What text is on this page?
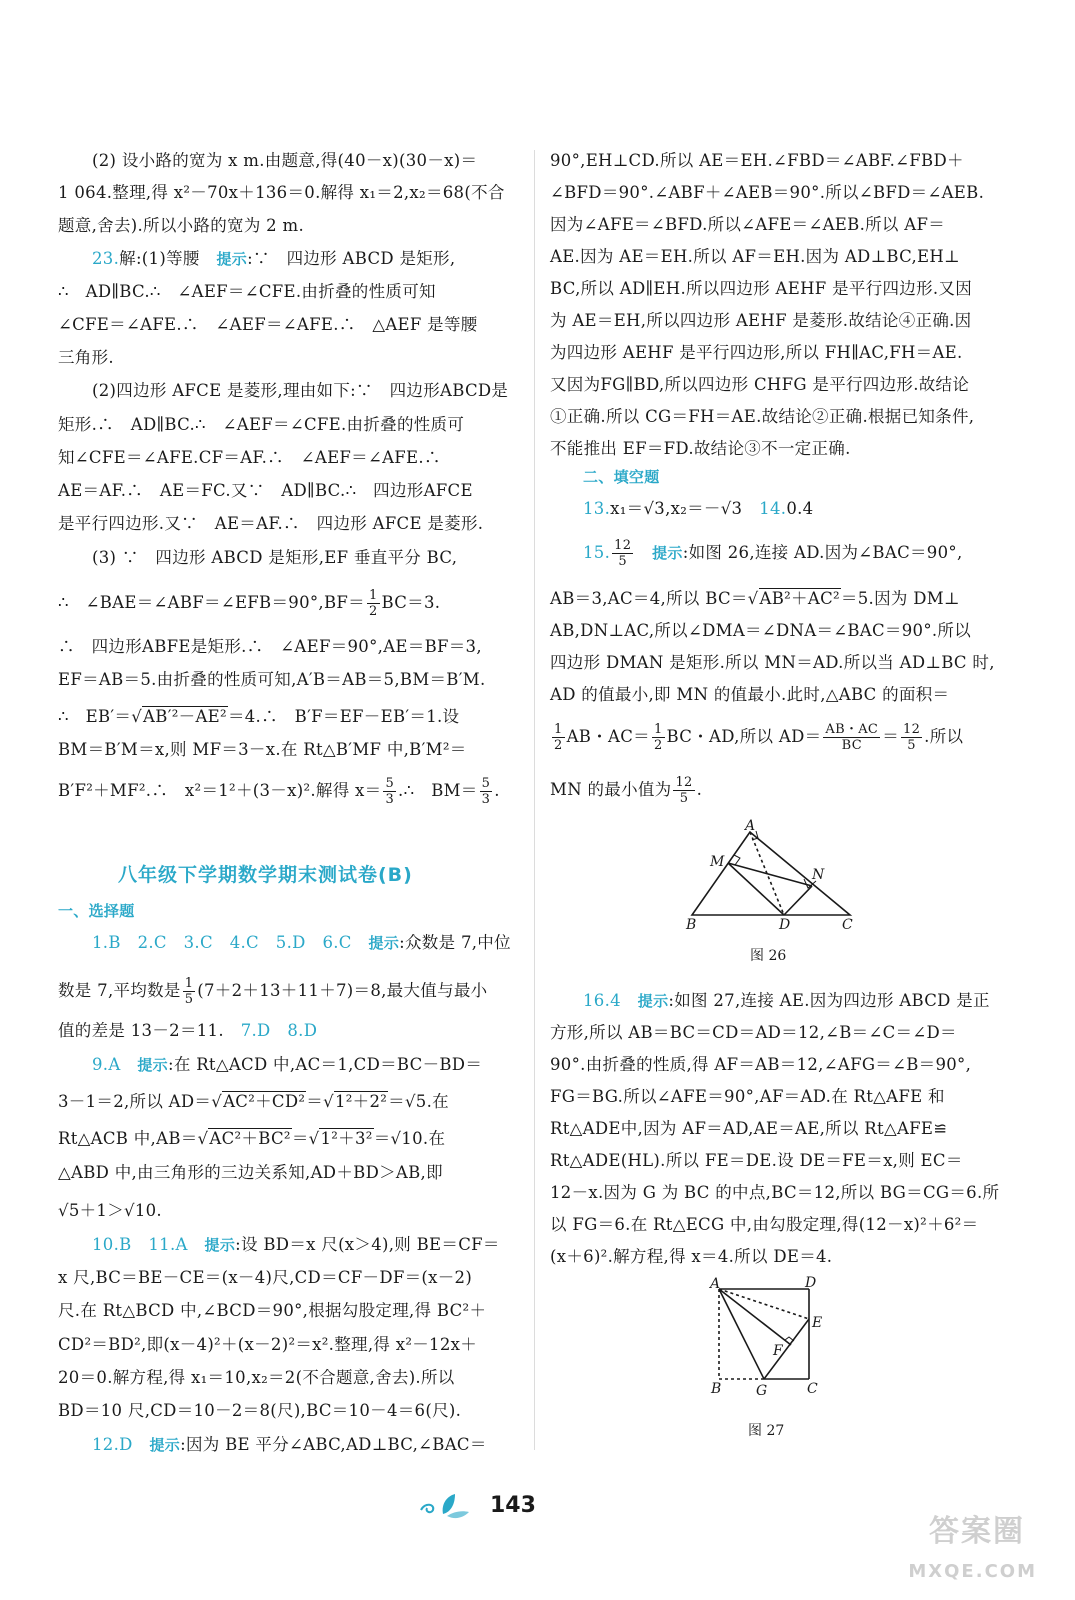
(2) 设小路的宽为 x m.由题意,得(40－x)(30－x)＝
1 064.整理,得 x²－70x＋136＝0.解得 x₁＝2,x₂＝68(不合
题意,舍去).所以小路的宽为 2 m.
23.解:(1)等腰　 提示:∵　四边形 ABCD 是矩形,
∴　AD∥BC.∴　∠AEF＝∠CFE.由折叠的性质可知
∠CFE＝∠AFE.∴　∠AEF＝∠AFE.∴　△AEF 是等腰
三角形.
(2)四边形 AFCE 是菱形,理由如下:∵　四边形ABCD是
矩形.∴　AD∥BC.∴　∠AEF＝∠CFE.由折叠的性质可
知∠CFE＝∠AFE.CF＝AF.∴　∠AEF＝∠AFE.∴
AE＝AF.∴　AE＝FC.又∵　AD∥BC.∴　四边形AFCE
是平行四边形.又∵　AE＝AF.∴　四边形 AFCE 是菱形.
(3) ∵　四边形 ABCD 是矩形,EF 垂直平分 BC,
∴　∠BAE＝∠ABF＝∠EFB＝90°,BF＝ $\frac{1}{2} BC=3$.
∴　四边形ABFE是矩形.∴　∠AEF＝90°,AE＝BF＝3,
EF＝AB＝5.由折叠的性质可知,A′B＝AB＝5,BM＝B′M.
∴　EB′＝√AB′²－AE²＝4.∴　B′F＝EF－EB′＝1.设
BM＝B′M＝x,则 MF＝3－x.在 Rt△B′MF 中,B′M²＝
B′F²＋MF².∴　x²＝1²＋(3－x)².解得 $x= \frac{5}{3}$ .∴　$BM= \frac{5}{3}$ .
八年级下学期数学期末测试卷(B)
一、选择题
1.B　2.C　3.C　4.C　5.D　6.C　 提示:众数是 7,中位
数是 7,平均数是 $\frac{1}{5} (7+2+13+11+7)=8$,最大值与最小
值的差是 13－2＝11.　 7.D　8.D
9.A　 提示:在 Rt△ACD 中,AC＝1,CD＝BC－BD＝
3－1＝2,所以 AD＝√AC²＋CD²＝√1²＋2²＝√5.在
Rt△ACB 中,AB＝√AC²＋BC²＝√1²＋3²＝√10.在
△ABD 中,由三角形的三边关系知,AD＋BD＞AB,即
√5＋1＞√10.
10.B　11.A　 提示:设 BD＝x 尺(x＞4),则 BE＝CF＝
x 尺,BC＝BE－CE＝(x－4)尺,CD＝CF－DF＝(x－2)
尺.在 Rt△BCD 中,∠BCD＝90°,根据勾股定理,得 BC²＋
CD²＝BD²,即(x－4)²＋(x－2)²＝x².整理,得 x²－12x＋
20＝0.解方程,得 x₁＝10,x₂＝2(不合题意,舍去).所以
BD＝10 尺,CD＝10－2＝8(尺),BC＝10－4＝6(尺).
12.D　 提示:因为 BE 平分∠ABC,AD⊥BC,∠BAC＝
90°,EH⊥CD.所以 AE＝EH.∠FBD＝∠ABF.∠FBD＋
∠BFD＝90°.∠ABF＋∠AEB＝90°.所以∠BFD＝∠AEB.
因为∠AFE＝∠BFD.所以∠AFE＝∠AEB.所以 AF＝
AE.因为 AE＝EH.所以 AF＝EH.因为 AD⊥BC,EH⊥
BC,所以 AD∥EH.所以四边形 AEHF 是平行四边形.又因
为 AE＝EH,所以四边形 AEHF 是菱形.故结论④正确.因
为四边形 AEHF 是平行四边形,所以 FH∥AC,FH＝AE.
又因为FG∥BD,所以四边形 CHFG 是平行四边形.故结论
①正确.所以 CG＝FH＝AE.故结论②正确.根据已知条件,
不能推出 EF＝FD.故结论③不一定正确.
二、填空题
13.x₁＝√3,x₂＝－√3　 14.0.4
15. $\frac{12}{5}$
　 提示:如图 26,连接 AD.因为∠BAC＝90°,
AB＝3,AC＝4,所以 BC＝√AB²＋AC²＝5.因为 DM⊥
AB,DN⊥AC,所以∠DMA＝∠DNA＝∠BAC＝90°.所以
四边形 DMAN 是矩形.所以 MN＝AD.所以当 AD⊥BC 时,
AD 的值最小,即 MN 的值最小.此时,△ABC 的面积＝
$\frac{1}{2}$ AB・$AC= \frac{1}{2}$ BC・AD,所以 $AD= \frac{AB・AC}{BC} = \frac{12}{5}$ .所以
MN 的最小值为 $\frac{12}{5}$ .
A
M
N
B	D	C
图 26
16.4　 提示:如图 27,连接 AE.因为四边形 ABCD 是正
方形,所以 AB＝BC＝CD＝AD＝12,∠B＝∠C＝∠D＝
90°.由折叠的性质,得 AF＝AB＝12,∠AFG＝∠B＝90°,
FG＝BG.所以∠AFE＝90°,AF＝AD.在 Rt△AFE 和
Rt△ADE中,因为 AF＝AD,AE＝AE,所以 Rt△AFE≌
Rt△ADE(HL).所以 FE＝DE.设 DE＝FE＝x,则 EC＝
12－x.因为 G 为 BC 的中点,BC＝12,所以 BG＝CG＝6.所
以 FG＝6.在 Rt△ECG 中,由勾股定理,得(12－x)²＋6²＝
(x＋6)².解方程,得 x＝4.所以 DE＝4.
A	D
E
F
B G	C
图 27
143
答案圈
MXQE.COM
